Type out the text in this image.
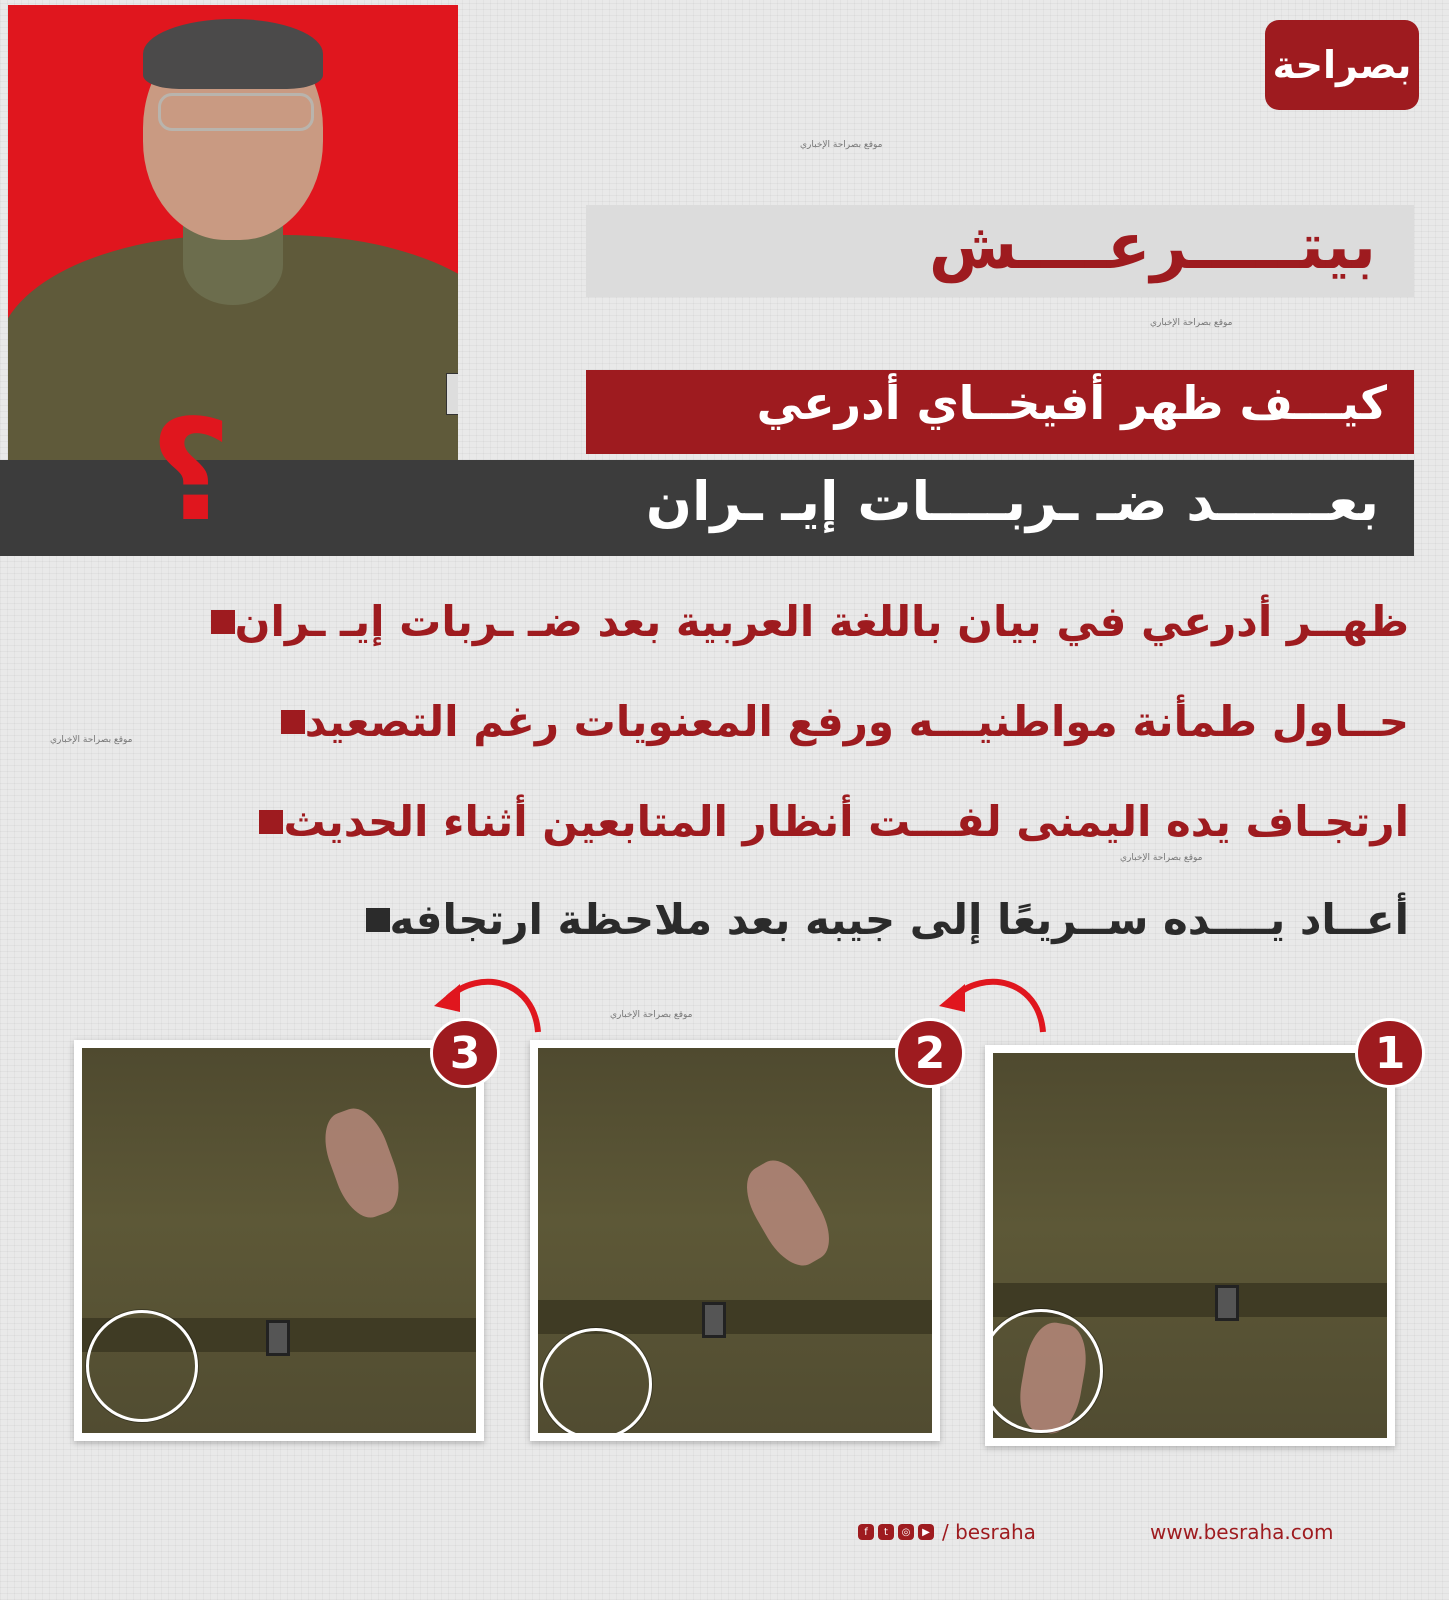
✡
بصراحة
بيتـــــرعــــش
موقع بصراحة الإخباري
موقع بصراحة الإخباري
كيـــف ظهر أفيخــاي أدرعي
بعــــــد ضـ ـربــــات إيـ ـران
؟
ظهــر أدرعي في بيان باللغة العربية بعد ضـ ـربات إيـ ـران
حــاول طمأنة مواطنيـــه ورفع المعنويات رغم التصعيد
ارتجـاف يده اليمنى لفـــت أنظار المتابعين أثناء الحديث
أعــاد يــــده ســريعًا إلى جيبه بعد ملاحظة ارتجافه
موقع بصراحة الإخباري
موقع بصراحة الإخباري
موقع بصراحة الإخباري
3	2	1
f	t	◎	▶ / besraha	www.besraha.com
